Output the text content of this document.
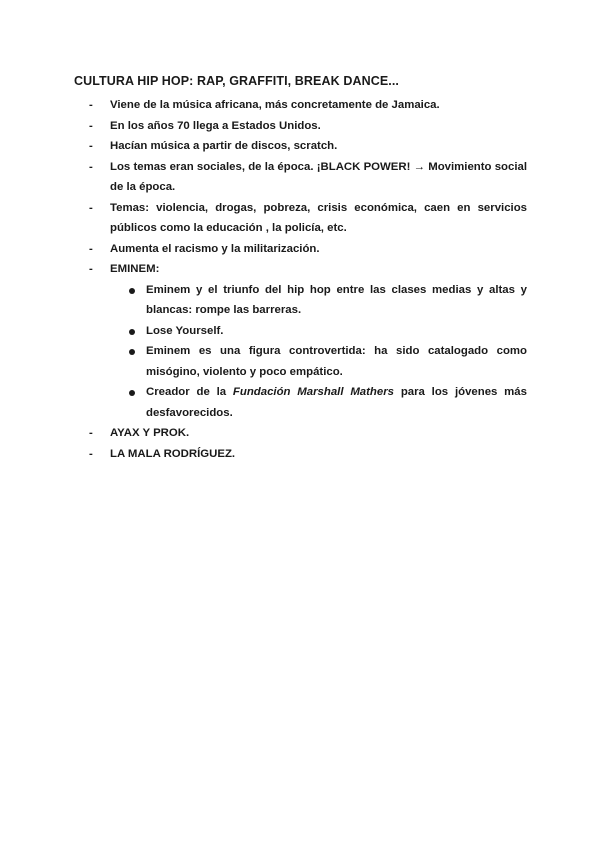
CULTURA HIP HOP: RAP, GRAFFITI, BREAK DANCE...
- Viene de la música africana, más concretamente de Jamaica.
- En los años 70 llega a Estados Unidos.
- Hacían música a partir de discos, scratch.
- Los temas eran sociales, de la época. ¡BLACK POWER! → Movimiento social de la época.
- Temas: violencia, drogas, pobreza, crisis económica, caen en servicios públicos como la educación , la policía, etc.
- Aumenta el racismo y la militarización.
- EMINEM:
Eminem y el triunfo del hip hop entre las clases medias y altas y blancas: rompe las barreras.
Lose Yourself.
Eminem es una figura controvertida: ha sido catalogado como misógino, violento y poco empático.
Creador de la Fundación Marshall Mathers para los jóvenes más desfavorecidos.
- AYAX Y PROK.
- LA MALA RODRÍGUEZ.
